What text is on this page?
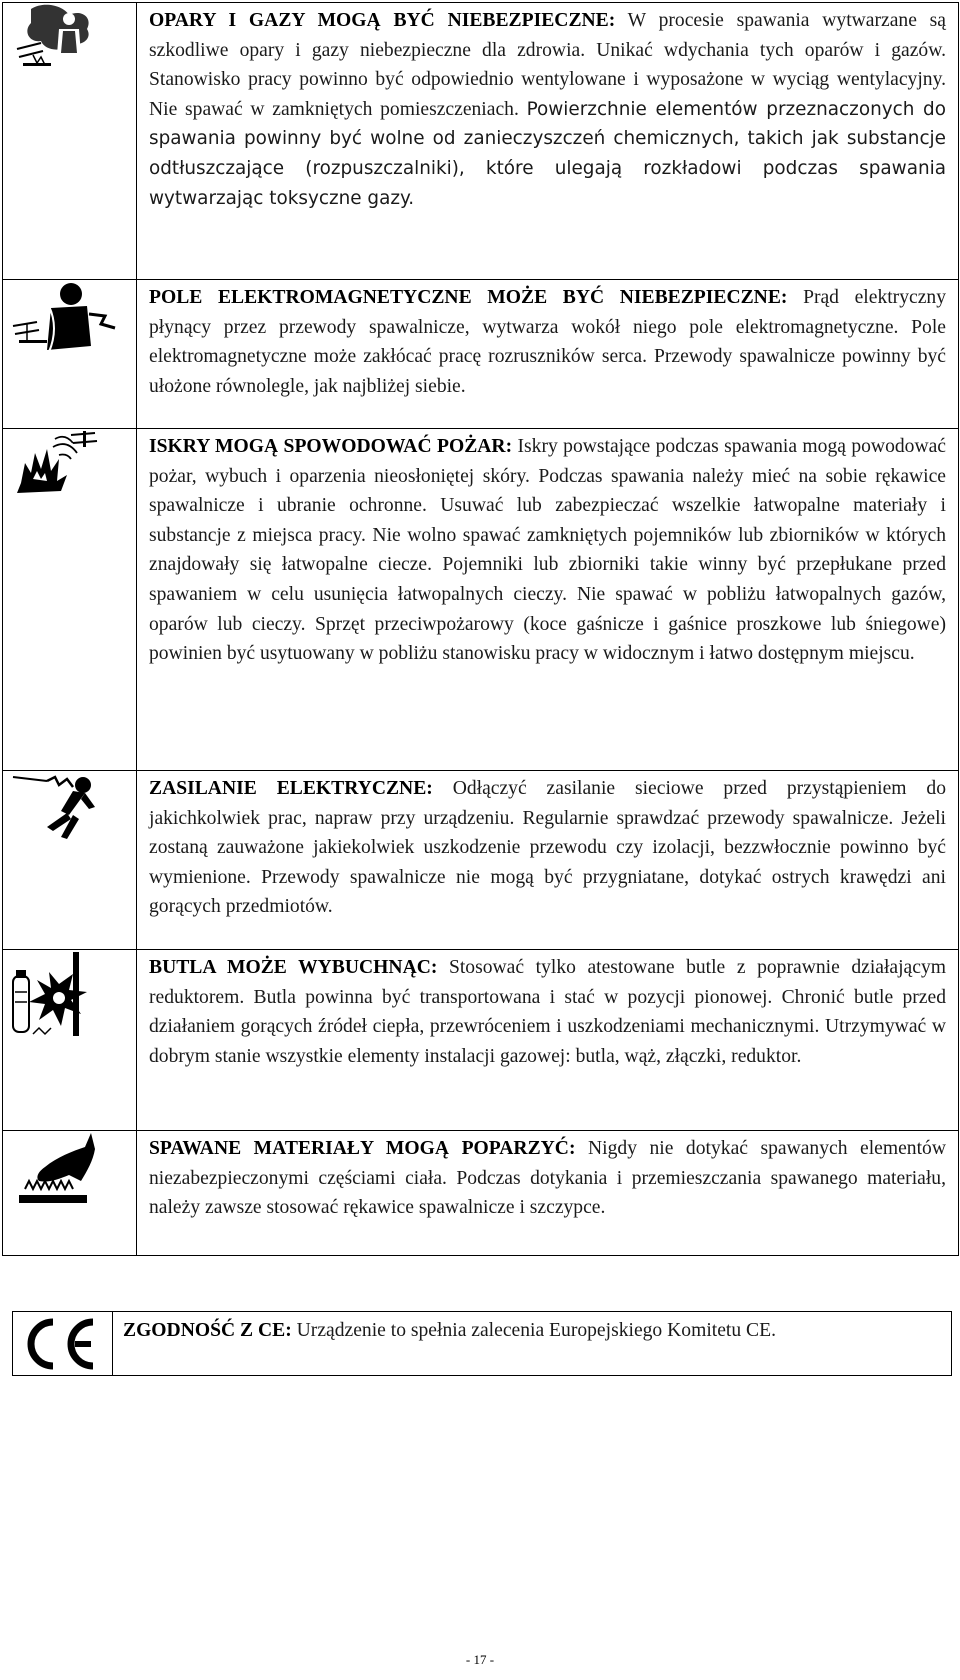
OPARY I GAZY MOGĄ BYĆ NIEBEZPIECZNE: W procesie spawania wytwarzane są szkodliwe opary i gazy niebezpieczne dla zdrowia. Unikać wdychania tych oparów i gazów. Stanowisko pracy powinno być odpowiednio wentylowane i wyposażone w wyciąg wentylacyjny. Nie spawać w zamkniętych pomieszczeniach. Powierzchnie elementów przeznaczonych do spawania powinny być wolne od zanieczyszczeń chemicznych, takich jak substancje odtłuszczające (rozpuszczalniki), które ulegają rozkładowi podczas spawania wytwarzając toksyczne gazy.

POLE ELEKTROMAGNETYCZNE MOŻE BYĆ NIEBEZPIECZNE: Prąd elektryczny płynący przez przewody spawalnicze, wytwarza wokół niego pole elektromagnetyczne. Pole elektromagnetyczne może zakłócać pracę rozruszników serca. Przewody spawalnicze powinny być ułożone równolegle, jak najbliżej siebie.

ISKRY MOGĄ SPOWODOWAĆ POŻAR: Iskry powstające podczas spawania mogą powodować pożar, wybuch i oparzenia nieosłoniętej skóry. Podczas spawania należy mieć na sobie rękawice spawalnicze i ubranie ochronne. Usuwać lub zabezpieczać wszelkie łatwopalne materiały i substancje z miejsca pracy. Nie wolno spawać zamkniętych pojemników lub zbiorników w których znajdowały się łatwopalne ciecze. Pojemniki lub zbiorniki takie winny być przepłukane przed spawaniem w celu usunięcia łatwopalnych cieczy. Nie spawać w pobliżu łatwopalnych gazów, oparów lub cieczy. Sprzęt przeciwpożarowy (koce gaśnicze i gaśnice proszkowe lub śniegowe) powinien być usytuowany w pobliżu stanowisku pracy w widocznym i łatwo dostępnym miejscu.

ZASILANIE ELEKTRYCZNE: Odłączyć zasilanie sieciowe przed przystąpieniem do jakichkolwiek prac, napraw przy urządzeniu. Regularnie sprawdzać przewody spawalnicze. Jeżeli zostaną zauważone jakiekolwiek uszkodzenie przewodu czy izolacji, bezzwłocznie powinno być wymienione. Przewody spawalnicze nie mogą być przygniatane, dotykać ostrych krawędzi ani gorących przedmiotów.

BUTLA MOŻE WYBUCHNĄC: Stosować tylko atestowane butle z poprawnie działającym reduktorem. Butla powinna być transportowana i stać w pozycji pionowej. Chronić butle przed działaniem gorących źródeł ciepła, przewróceniem i uszkodzeniami mechanicznymi. Utrzymywać w dobrym stanie wszystkie elementy instalacji gazowej: butla, wąż, złączki, reduktor.

SPAWANE MATERIAŁY MOGĄ POPARZYĆ: Nigdy nie dotykać spawanych elementów niezabezpieczonymi częściami ciała. Podczas dotykania i przemieszczania spawanego materiału, należy zawsze stosować rękawice spawalnicze i szczypce.

ZGODNOŚĆ Z CE: Urządzenie to spełnia zalecenia Europejskiego Komitetu CE.

- 17 -
